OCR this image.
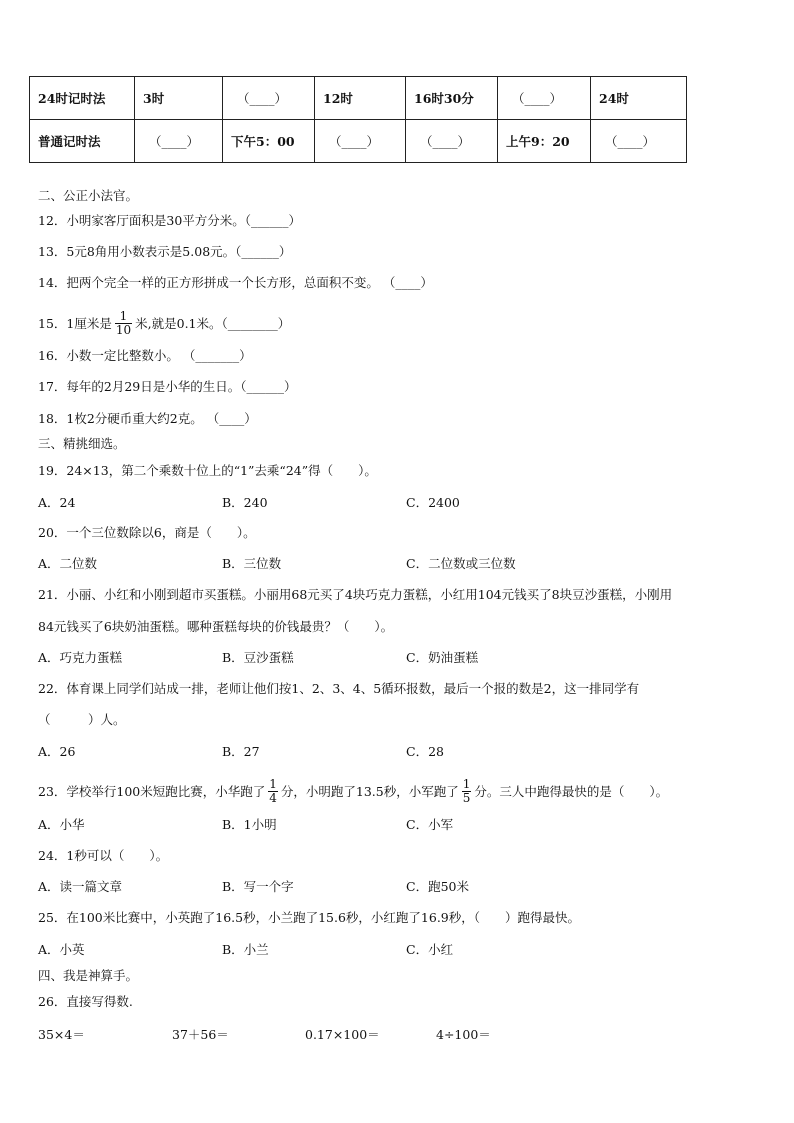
24时记时法	3时	（____）	12时	16时30分	（____）	24时
普通记时法	（____）	下午5：00	（____）	（____）	上午9：20	（____）
二、公正小法官。
12．小明家客厅面积是30平方分米。（______）
13．5元8角用小数表示是5.08元。（______）
14．把两个完全一样的正方形拼成一个长方形，总面积不变。 （____）
15．1厘米是 $\frac{1}{10}$ 米,就是0.1米。（________）
16．小数一定比整数小。 （_______）
17．每年的2月29日是小华的生日。（______）
18．1枚2分硬币重大约2克。 （____）
三、精挑细选。
19．24×13，第二个乘数十位上的“1”去乘“24”得（　　）。
A．24	B．240	C．2400
20．一个三位数除以6，商是（　　）。
A．二位数	B．三位数	C．二位数或三位数
21．小丽、小红和小刚到超市买蛋糕。小丽用68元买了4块巧克力蛋糕，小红用104元钱买了8块豆沙蛋糕，小刚用
84元钱买了6块奶油蛋糕。哪种蛋糕每块的价钱最贵？（　　）。
A．巧克力蛋糕	B．豆沙蛋糕	C．奶油蛋糕
22．体育课上同学们站成一排，老师让他们按1、2、3、4、5循环报数，最后一个报的数是2，这一排同学有
（　　　）人。
A．26	B．27	C．28
23．学校举行100米短跑比赛，小华跑了 $\frac{1}{4}$ 分，小明跑了13.5秒，小军跑了 $\frac{1}{5}$ 分。三人中跑得最快的是（　　）。
A．小华	B．1小明	C．小军
24．1秒可以（　　）。
A．读一篇文章	B．写一个字	C．跑50米
25．在100米比赛中，小英跑了16.5秒，小兰跑了15.6秒，小红跑了16.9秒，（　　）跑得最快。
A．小英	B．小兰	C．小红
四、我是神算手。
26．直接写得数.
35×4＝	37＋56＝	0.17×100＝	4÷100＝
